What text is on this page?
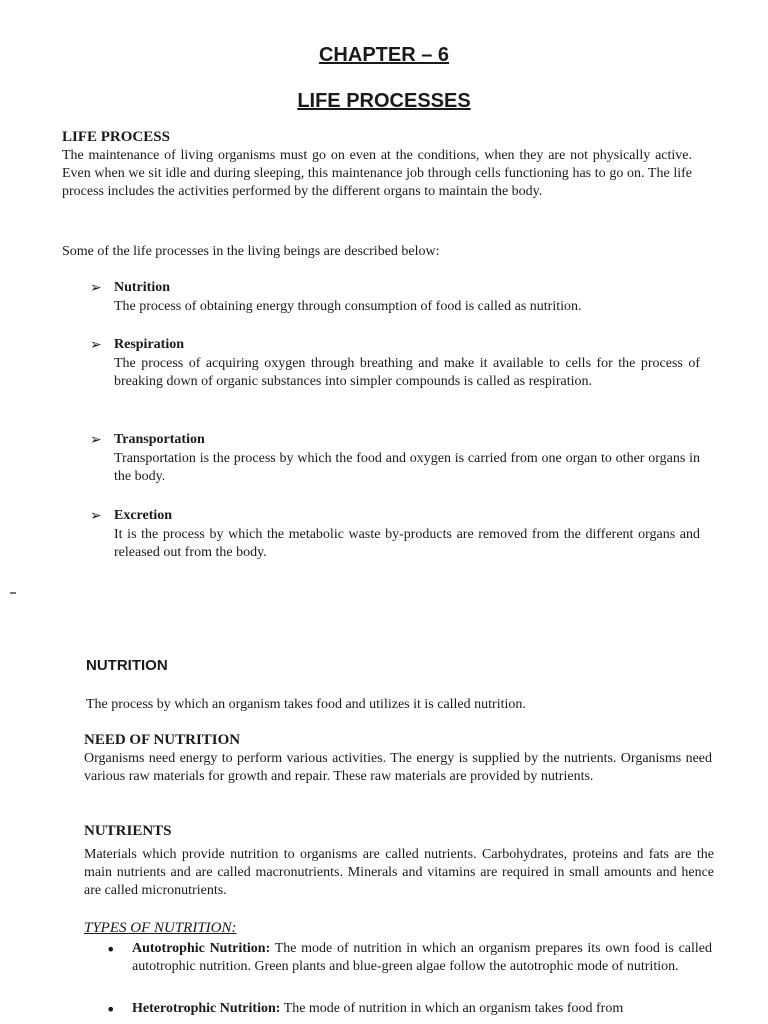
CHAPTER – 6
LIFE PROCESSES
LIFE PROCESS
The maintenance of living organisms must go on even at the conditions, when they are not physically active. Even when we sit idle and during sleeping, this maintenance job through cells functioning has to go on. The life process includes the activities performed by the different organs to maintain the body.
Some of the life processes in the living beings are described below:
➢ Nutrition
The process of obtaining energy through consumption of food is called as nutrition.
➢ Respiration
The process of acquiring oxygen through breathing and make it available to cells for the process of breaking down of organic substances into simpler compounds is called as respiration.
➢ Transportation
Transportation is the process by which the food and oxygen is carried from one organ to other organs in the body.
➢ Excretion
It is the process by which the metabolic waste by-products are removed from the different organs and released out from the body.
NUTRITION
The process by which an organism takes food and utilizes it is called nutrition.
NEED OF NUTRITION
Organisms need energy to perform various activities. The energy is supplied by the nutrients. Organisms need various raw materials for growth and repair. These raw materials are provided by nutrients.
NUTRIENTS
Materials which provide nutrition to organisms are called nutrients. Carbohydrates, proteins and fats are the main nutrients and are called macronutrients. Minerals and vitamins are required in small amounts and hence are called micronutrients.
TYPES OF NUTRITION:
• Autotrophic Nutrition: The mode of nutrition in which an organism prepares its own food is called autotrophic nutrition. Green plants and blue-green algae follow the autotrophic mode of nutrition.
• Heterotrophic Nutrition: The mode of nutrition in which an organism takes food from
